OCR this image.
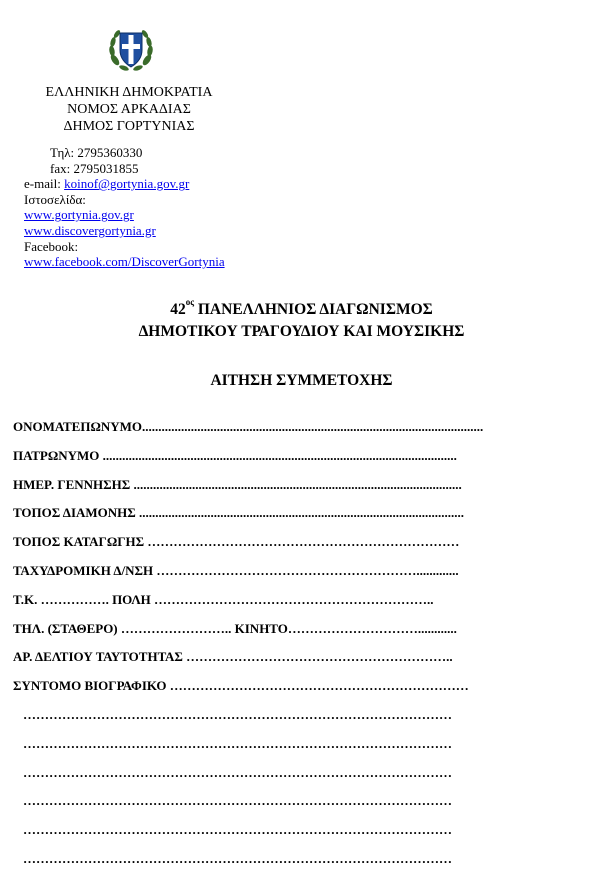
ΕΛΛΗΝΙΚΗ ΔΗΜΟΚΡΑΤΙΑ
ΝΟΜΟΣ ΑΡΚΑΔΙΑΣ
ΔΗΜΟΣ ΓΟΡΤΥΝΙΑΣ
Τηλ: 2795360330
fax: 2795031855
e-mail: koinof@gortynia.gov.gr
Ιστοσελίδα:
www.gortynia.gov.gr
www.discovergortynia.gr
Facebook:
www.facebook.com/DiscoverGortynia
$42^{o\varsigma}$ ΠΑΝΕΛΛΗΝΙΟΣ ΔΙΑΓΩΝΙΣΜΟΣ
ΔΗΜΟΤΙΚΟΥ ΤΡΑΓΟΥΔΙΟΥ ΚΑΙ ΜΟΥΣΙΚΗΣ
ΑΙΤΗΣΗ ΣΥΜΜΕΤΟΧΗΣ
ΟΝΟΜΑΤΕΠΩΝΥΜΟ.........................................................................................................
ΠΑΤΡΩΝΥΜΟ .............................................................................................................
ΗΜΕΡ. ΓΕΝΝΗΣΗΣ .....................................................................................................
ΤΟΠΟΣ ΔΙΑΜΟΝΗΣ ....................................................................................................
ΤΟΠΟΣ ΚΑΤΑΓΩΓΗΣ ………………………………………………………………
ΤΑΧΥΔΡΟΜΙΚΗ Δ/ΝΣΗ …………………………………………………….............
Τ.Κ. ……………. ΠΟΛΗ ………………………………………………………..
ΤΗΛ. (ΣΤΑΘΕΡΟ) …………………….. ΚΙΝΗΤΟ…………………………............
ΑΡ. ΔΕΛΤΙΟΥ ΤΑΥΤΟΤΗΤΑΣ ……………………………………………………..
ΣΥΝΤΟΜΟ ΒΙΟΓΡΑΦΙΚΟ ……………………………………………………………
………………………………………………………………………………………
………………………………………………………………………………………
………………………………………………………………………………………
………………………………………………………………………………………
………………………………………………………………………………………
………………………………………………………………………………………
